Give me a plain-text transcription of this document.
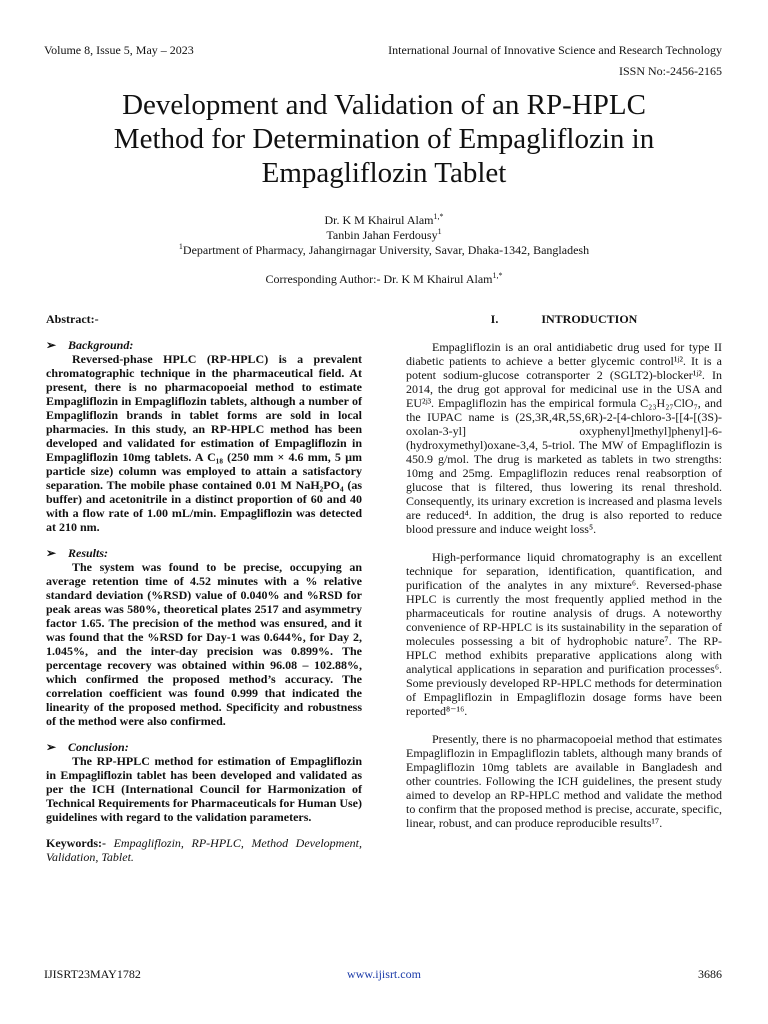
Volume 8, Issue 5, May – 2023	International Journal of Innovative Science and Research Technology
ISSN No:-2456-2165
Development and Validation of an RP-HPLC
Method for Determination of Empagliflozin in
Empagliflozin Tablet
Dr. K M Khairul Alam$^{1,*}$
Tanbin Jahan Ferdousy$^1$
$^1$Department of Pharmacy, Jahangirnagar University, Savar, Dhaka-1342, Bangladesh
Corresponding Author:- Dr. K M Khairul Alam$^{1,*}$
Abstract:-
➢ Background:

Reversed-phase HPLC (RP-HPLC) is a prevalent chromatographic technique in the pharmaceutical field. At present, there is no pharmacopoeial method to estimate Empagliflozin in Empagliflozin tablets, although a number of Empagliflozin brands in tablet forms are sold in local pharmacies. In this study, an RP-HPLC method has been developed and validated for estimation of Empagliflozin in Empagliflozin 10mg tablets. A C₁₈ (250 mm × 4.6 mm, 5 µm particle size) column was employed to attain a satisfactory separation. The mobile phase contained 0.01 M NaH₂PO₄ (as buffer) and acetonitrile in a distinct proportion of 60 and 40 with a flow rate of 1.00 mL/min. Empagliflozin was detected at 210 nm.

➢ Results:

The system was found to be precise, occupying an average retention time of 4.52 minutes with a % relative standard deviation (%RSD) value of 0.040% and %RSD for peak areas was 580%, theoretical plates 2517 and asymmetry factor 1.65. The precision of the method was ensured, and it was found that the %RSD for Day-1 was 0.644%, for Day 2, 1.045%, and the inter-day precision was 0.899%. The percentage recovery was obtained within 96.08 – 102.88%, which confirmed the proposed method’s accuracy. The correlation coefficient was found 0.999 that indicated the linearity of the proposed method. Specificity and robustness of the method were also confirmed.

➢ Conclusion:

The RP-HPLC method for estimation of Empagliflozin in Empagliflozin tablet has been developed and validated as per the ICH (International Council for Harmonization of Technical Requirements for Pharmaceuticals for Human Use) guidelines with regard to the validation parameters.

Keywords:- Empagliflozin, RP-HPLC, Method Development, Validation, Tablet.

I.	INTRODUCTION

Empagliflozin is an oral antidiabetic drug used for type II diabetic patients to achieve a better glycemic control¹ʲ². It is a potent sodium-glucose cotransporter 2 (SGLT2)-blocker¹ʲ². In 2014, the drug got approval for medicinal use in the USA and EU²ʲ³. Empagliflozin has the empirical formula C₂₃H₂₇ClO₇, and the IUPAC name is (2S,3R,4R,5S,6R)-2-[4-chloro-3-[[4-[(3S)-oxolan-3-yl] oxyphenyl]methyl]phenyl]-6-(hydroxymethyl)oxane-3,4, 5-triol. The MW of Empagliflozin is 450.9 g/mol. The drug is marketed as tablets in two strengths: 10mg and 25mg. Empagliflozin reduces renal reabsorption of glucose that is filtered, thus lowering its renal threshold. Consequently, its urinary excretion is increased and plasma levels are reduced⁴. In addition, the drug is also reported to reduce blood pressure and induce weight loss⁵.

High-performance liquid chromatography is an excellent technique for separation, identification, quantification, and purification of the analytes in any mixture⁶. Reversed-phase HPLC is currently the most frequently applied method in the pharmaceuticals for routine analysis of drugs. A noteworthy convenience of RP-HPLC is its sustainability in the separation of molecules possessing a bit of hydrophobic nature⁷. The RP-HPLC method exhibits preparative applications along with analytical applications in separation and purification processes⁶. Some previously developed RP-HPLC methods for determination of Empagliflozin in Empagliflozin dosage forms have been reported⁸⁻¹⁶.

Presently, there is no pharmacopoeial method that estimates Empagliflozin in Empagliflozin tablets, although many brands of Empagliflozin 10mg tablets are available in Bangladesh and other countries. Following the ICH guidelines, the present study aimed to develop an RP-HPLC method and validate the method to confirm that the proposed method is precise, accurate, specific, linear, robust, and can produce reproducible results¹⁷.

IJISRT23MAY1782	www.ijisrt.com	3686
